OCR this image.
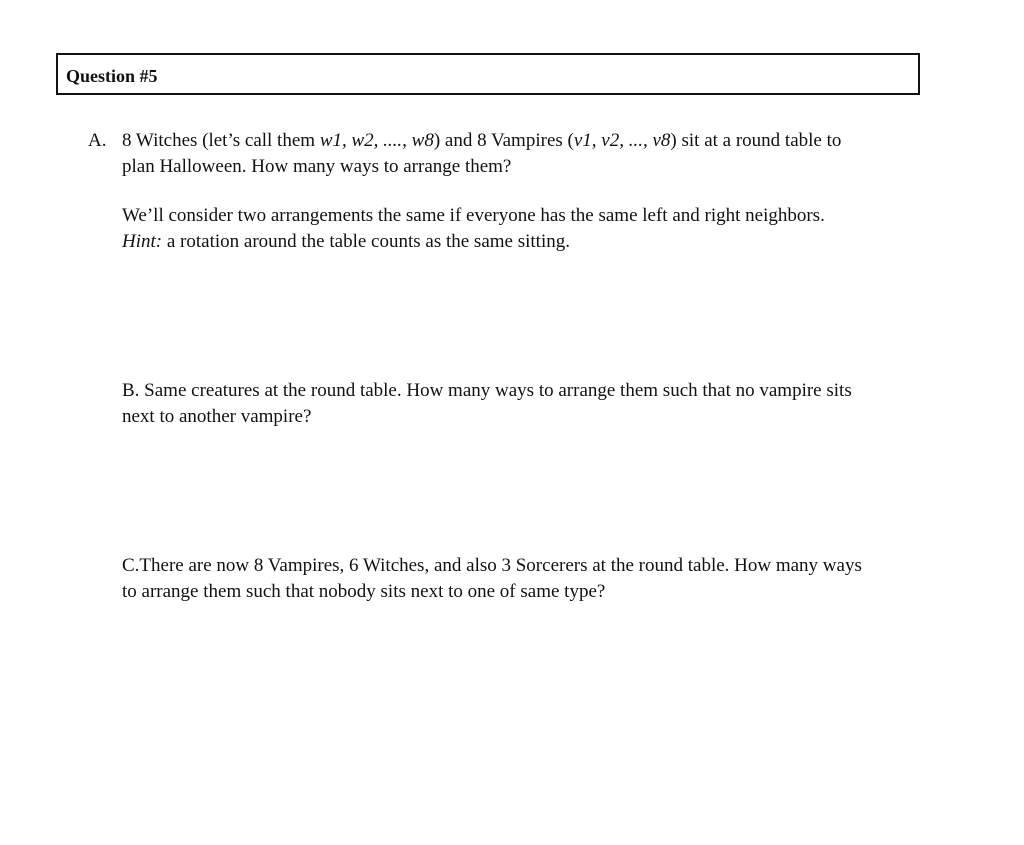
Question #5
A. 8 Witches (let’s call them w1, w2, ...., w8) and 8 Vampires (v1, v2, ..., v8) sit at a round table to
plan Halloween. How many ways to arrange them?
We’ll consider two arrangements the same if everyone has the same left and right neighbors.
Hint: a rotation around the table counts as the same sitting.
B. Same creatures at the round table. How many ways to arrange them such that no vampire sits
next to another vampire?
C.There are now 8 Vampires, 6 Witches, and also 3 Sorcerers at the round table. How many ways
to arrange them such that nobody sits next to one of same type?
